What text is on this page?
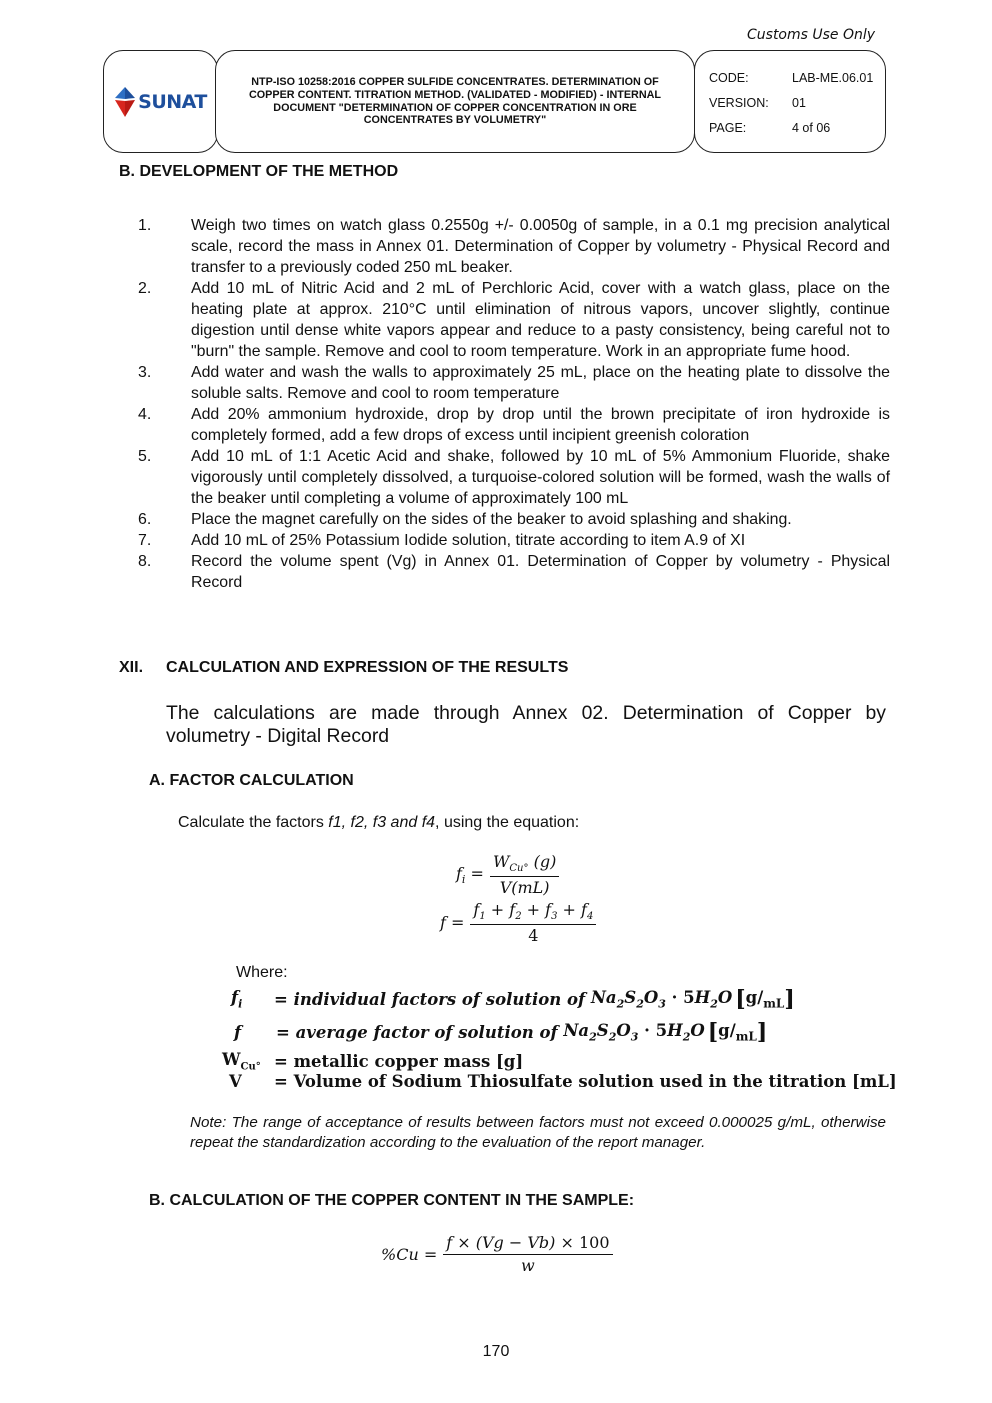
Customs Use Only
SUNAT
NTP-ISO 10258:2016 COPPER SULFIDE CONCENTRATES. DETERMINATION OF COPPER CONTENT. TITRATION METHOD. (VALIDATED - MODIFIED) - INTERNAL DOCUMENT "DETERMINATION OF COPPER CONCENTRATION IN ORE CONCENTRATES BY VOLUMETRY"
CODE:	LAB-ME.06.01
VERSION:	01
PAGE:	4 of 06
B. DEVELOPMENT OF THE METHOD
1.	Weigh two times on watch glass 0.2550g +/- 0.0050g of sample, in a 0.1 mg precision analytical scale, record the mass in Annex 01. Determination of Copper by volumetry - Physical Record and transfer to a previously coded 250 mL beaker.
2.	Add 10 mL of Nitric Acid and 2 mL of Perchloric Acid, cover with a watch glass, place on the heating plate at approx. 210°C until elimination of nitrous vapors, uncover slightly, continue digestion until dense white vapors appear and reduce to a pasty consistency, being careful not to "burn" the sample. Remove and cool to room temperature. Work in an appropriate fume hood.
3.	Add water and wash the walls to approximately 25 mL, place on the heating plate to dissolve the soluble salts. Remove and cool to room temperature
4.	Add 20% ammonium hydroxide, drop by drop until the brown precipitate of iron hydroxide is completely formed, add a few drops of excess until incipient greenish coloration
5.	Add 10 mL of 1:1 Acetic Acid and shake, followed by 10 mL of 5% Ammonium Fluoride, shake vigorously until completely dissolved, a turquoise-colored solution will be formed, wash the walls of the beaker until completing a volume of approximately 100 mL
6.	Place the magnet carefully on the sides of the beaker to avoid splashing and shaking.
7.	Add 10 mL of 25% Potassium Iodide solution, titrate according to item A.9 of XI
8.	Record the volume spent (Vg) in Annex 01. Determination of Copper by volumetry - Physical Record
XII. CALCULATION AND EXPRESSION OF THE RESULTS
The calculations are made through Annex 02. Determination of Copper by volumetry - Digital Record
A. FACTOR CALCULATION
Calculate the factors f1, f2, f3 and f4, using the equation:
$f_i = \frac{W_{Cu^\circ} (g)}{V(mL)}$
$f = \frac{f_1 + f_2 + f_3 + f_4}{4}$
Where:
$f_i$	= individual factors of solution of $Na_2S_2O_3 \cdot 5H_2O$ [ $g/_{mL}$ ]
f	= average factor of solution of $Na_2S_2O_3 \cdot 5H_2O$ [ $g/_{mL}$ ]
$W_{Cu^\circ}$ = metallic copper mass [g]
V	= Volume of Sodium Thiosulfate solution used in the titration [mL]
Note: The range of acceptance of results between factors must not exceed 0.000025 g/mL, otherwise repeat the standardization according to the evaluation of the report manager.
B. CALCULATION OF THE COPPER CONTENT IN THE SAMPLE:
$\%Cu = \frac{f \times (Vg - Vb) \times 100}{w}$
170
